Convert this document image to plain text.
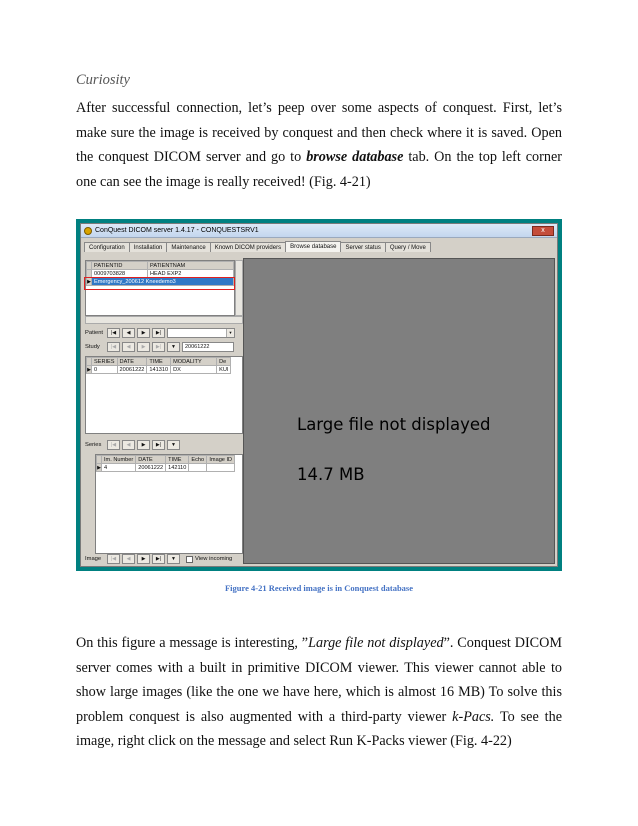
Curiosity
After successful connection, let’s peep over some aspects of conquest. First, let’s make sure the image is received by conquest and then check where it is saved. Open the conquest DICOM server and go to browse database tab. On the top left corner one can see the image is really received! (Fig. 4-21)
ConQuest DICOM server 1.4.17 - CONQUESTSRV1	x
Configuration	Installation	Maintenance	Known DICOM providers	Browse database	Server status	Query / Move
	PATIENTID	PATIENTNAM
	0009703828	HEAD EXP2
▶	Emergency_200612 Kneedemo3	
Patient	|◀	◀	▶	▶|	▼
Study	|◀	◀	▶	▶|	▼	20061222
	SERIES	DATE	TIME	MODALITY	De
▶	0	20061222	141310	DX	KUI
Series	|◀	◀	▶	▶|	▼
	Im. Number	DATE	TIME	Echo	Image ID
▶	4	20061222	142110		
Image	|◀	◀	▶	▶|	▼	View incoming
Large file not displayed
14.7 MB
Figure 4-21 Received image is in Conquest database
On this figure a message is interesting, ”Large file not displayed”. Conquest DICOM server comes with a built in primitive DICOM viewer. This viewer cannot able to show large images (like the one we have here, which is almost 16 MB) To solve this problem conquest is also augmented with a third-party viewer k-Pacs. To see the image, right click on the message and select Run K-Packs viewer (Fig. 4-22)
